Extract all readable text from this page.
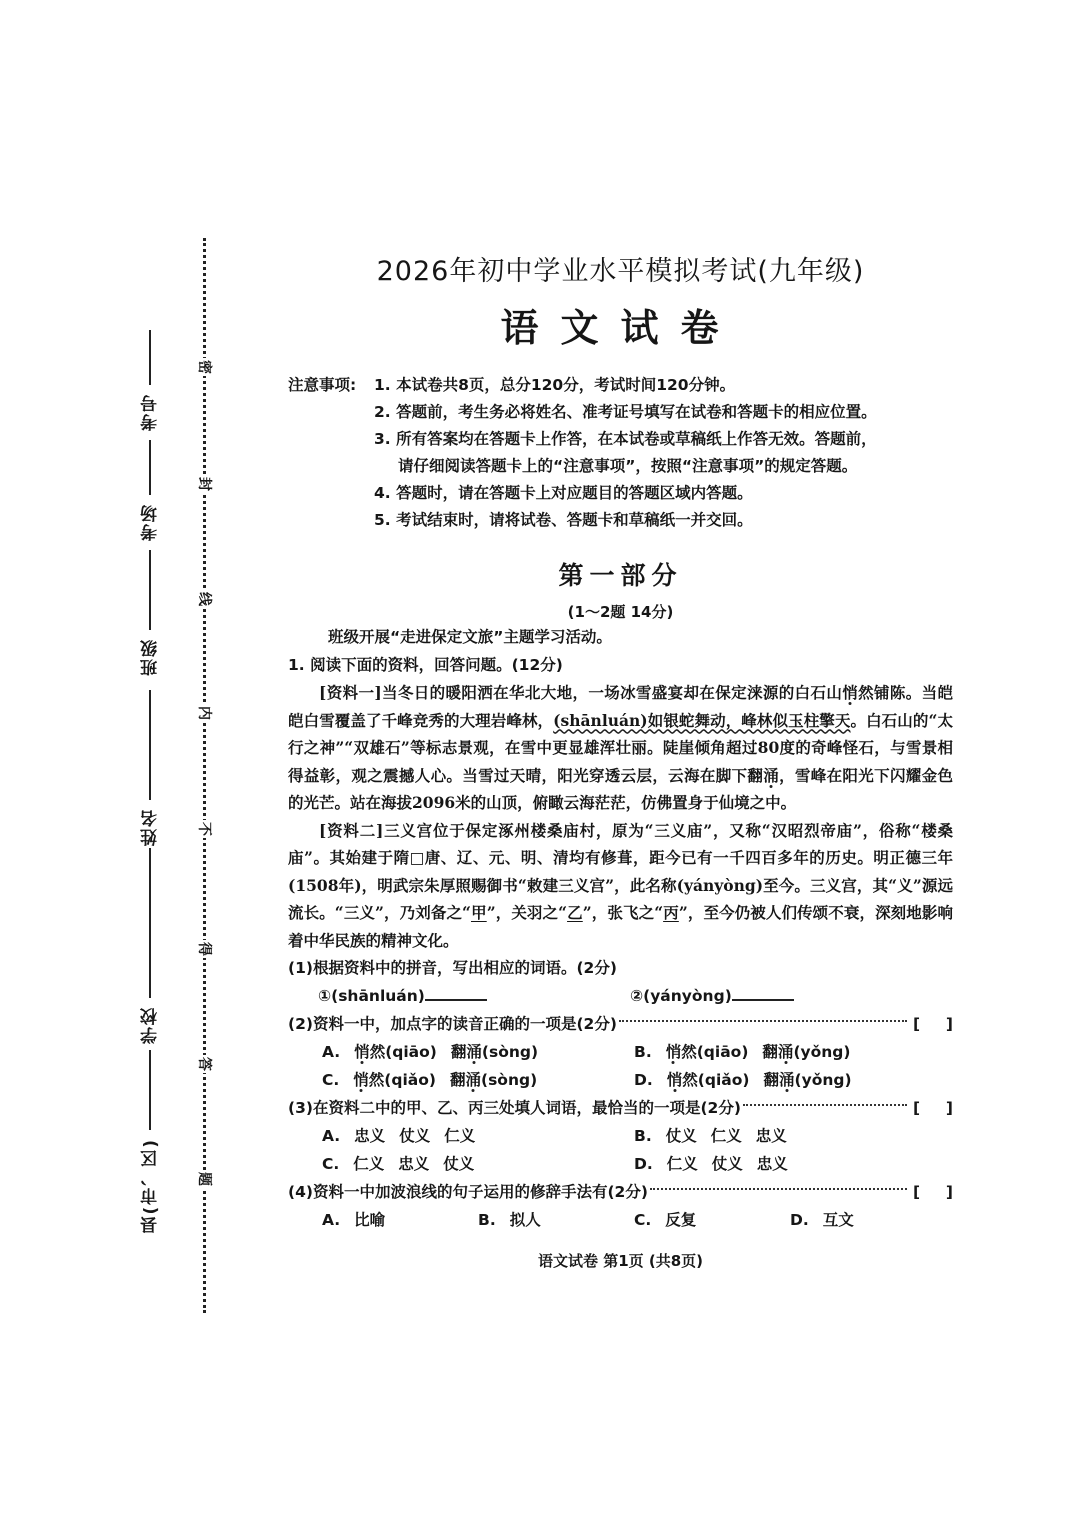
密
封
线
内
不
得
答
题
考号
考场
班级
姓名
学校
县(市、区)
2026年初中学业水平模拟考试(九年级)
语文试卷
注意事项:	1. 本试卷共8页，总分120分，考试时间120分钟。
2. 答题前，考生务必将姓名、准考证号填写在试卷和答题卡的相应位置。
3. 所有答案均在答题卡上作答，在本试卷或草稿纸上作答无效。答题前，
请仔细阅读答题卡上的“注意事项”，按照“注意事项”的规定答题。
4. 答题时，请在答题卡上对应题目的答题区域内答题。
5. 考试结束时，请将试卷、答题卡和草稿纸一并交回。
第一部分
(1～2题 14分)
班级开展“走进保定文旅”主题学习活动。
1. 阅读下面的资料，回答问题。(12分)
[资料一]当冬日的暖阳洒在华北大地，一场冰雪盛宴却在保定涞源的白石山悄然铺陈。当皑皑白雪覆盖了千峰竞秀的大理岩峰林，(shānluán)如银蛇舞动，峰林似玉柱擎天。白石山的“太行之神”“双雄石”等标志景观，在雪中更显雄浑壮丽。陡崖倾角超过80度的奇峰怪石，与雪景相得益彰，观之震撼人心。当雪过天晴，阳光穿透云层，云海在脚下翻涌，雪峰在阳光下闪耀金色的光芒。站在海拔2096米的山顶，俯瞰云海茫茫，仿佛置身于仙境之中。
[资料二]三义宫位于保定涿州楼桑庙村，原为“三义庙”，又称“汉昭烈帝庙”，俗称“楼桑庙”。其始建于隋□唐、辽、元、明、清均有修葺，距今已有一千四百多年的历史。明正德三年(1508年)，明武宗朱厚照赐御书“敕建三义宫”，此名称(yányòng)至今。三义宫，其“义”源远流长。“三义”，乃刘备之“甲”，关羽之“乙”，张飞之“丙”，至今仍被人们传颂不衰，深刻地影响着中华民族的精神文化。
(1)根据资料中的拼音，写出相应的词语。(2分)
①(shānluán)	②(yányòng)
(2)资料一中，加点字的读音正确的一项是(2分)	[ ]
A. 悄然(qiāo) 翻涌(sòng)	B. 悄然(qiāo) 翻涌(yǒng)
C. 悄然(qiǎo) 翻涌(sòng)	D. 悄然(qiǎo) 翻涌(yǒng)
(3)在资料二中的甲、乙、丙三处填人词语，最恰当的一项是(2分)	[ ]
A. 忠义 仗义 仁义	B. 仗义 仁义 忠义
C. 仁义 忠义 仗义	D. 仁义 仗义 忠义
(4)资料一中加波浪线的句子运用的修辞手法有(2分)	[ ]
A. 比喻	B. 拟人	C. 反复	D. 互文
语文试卷 第1页 (共8页)
